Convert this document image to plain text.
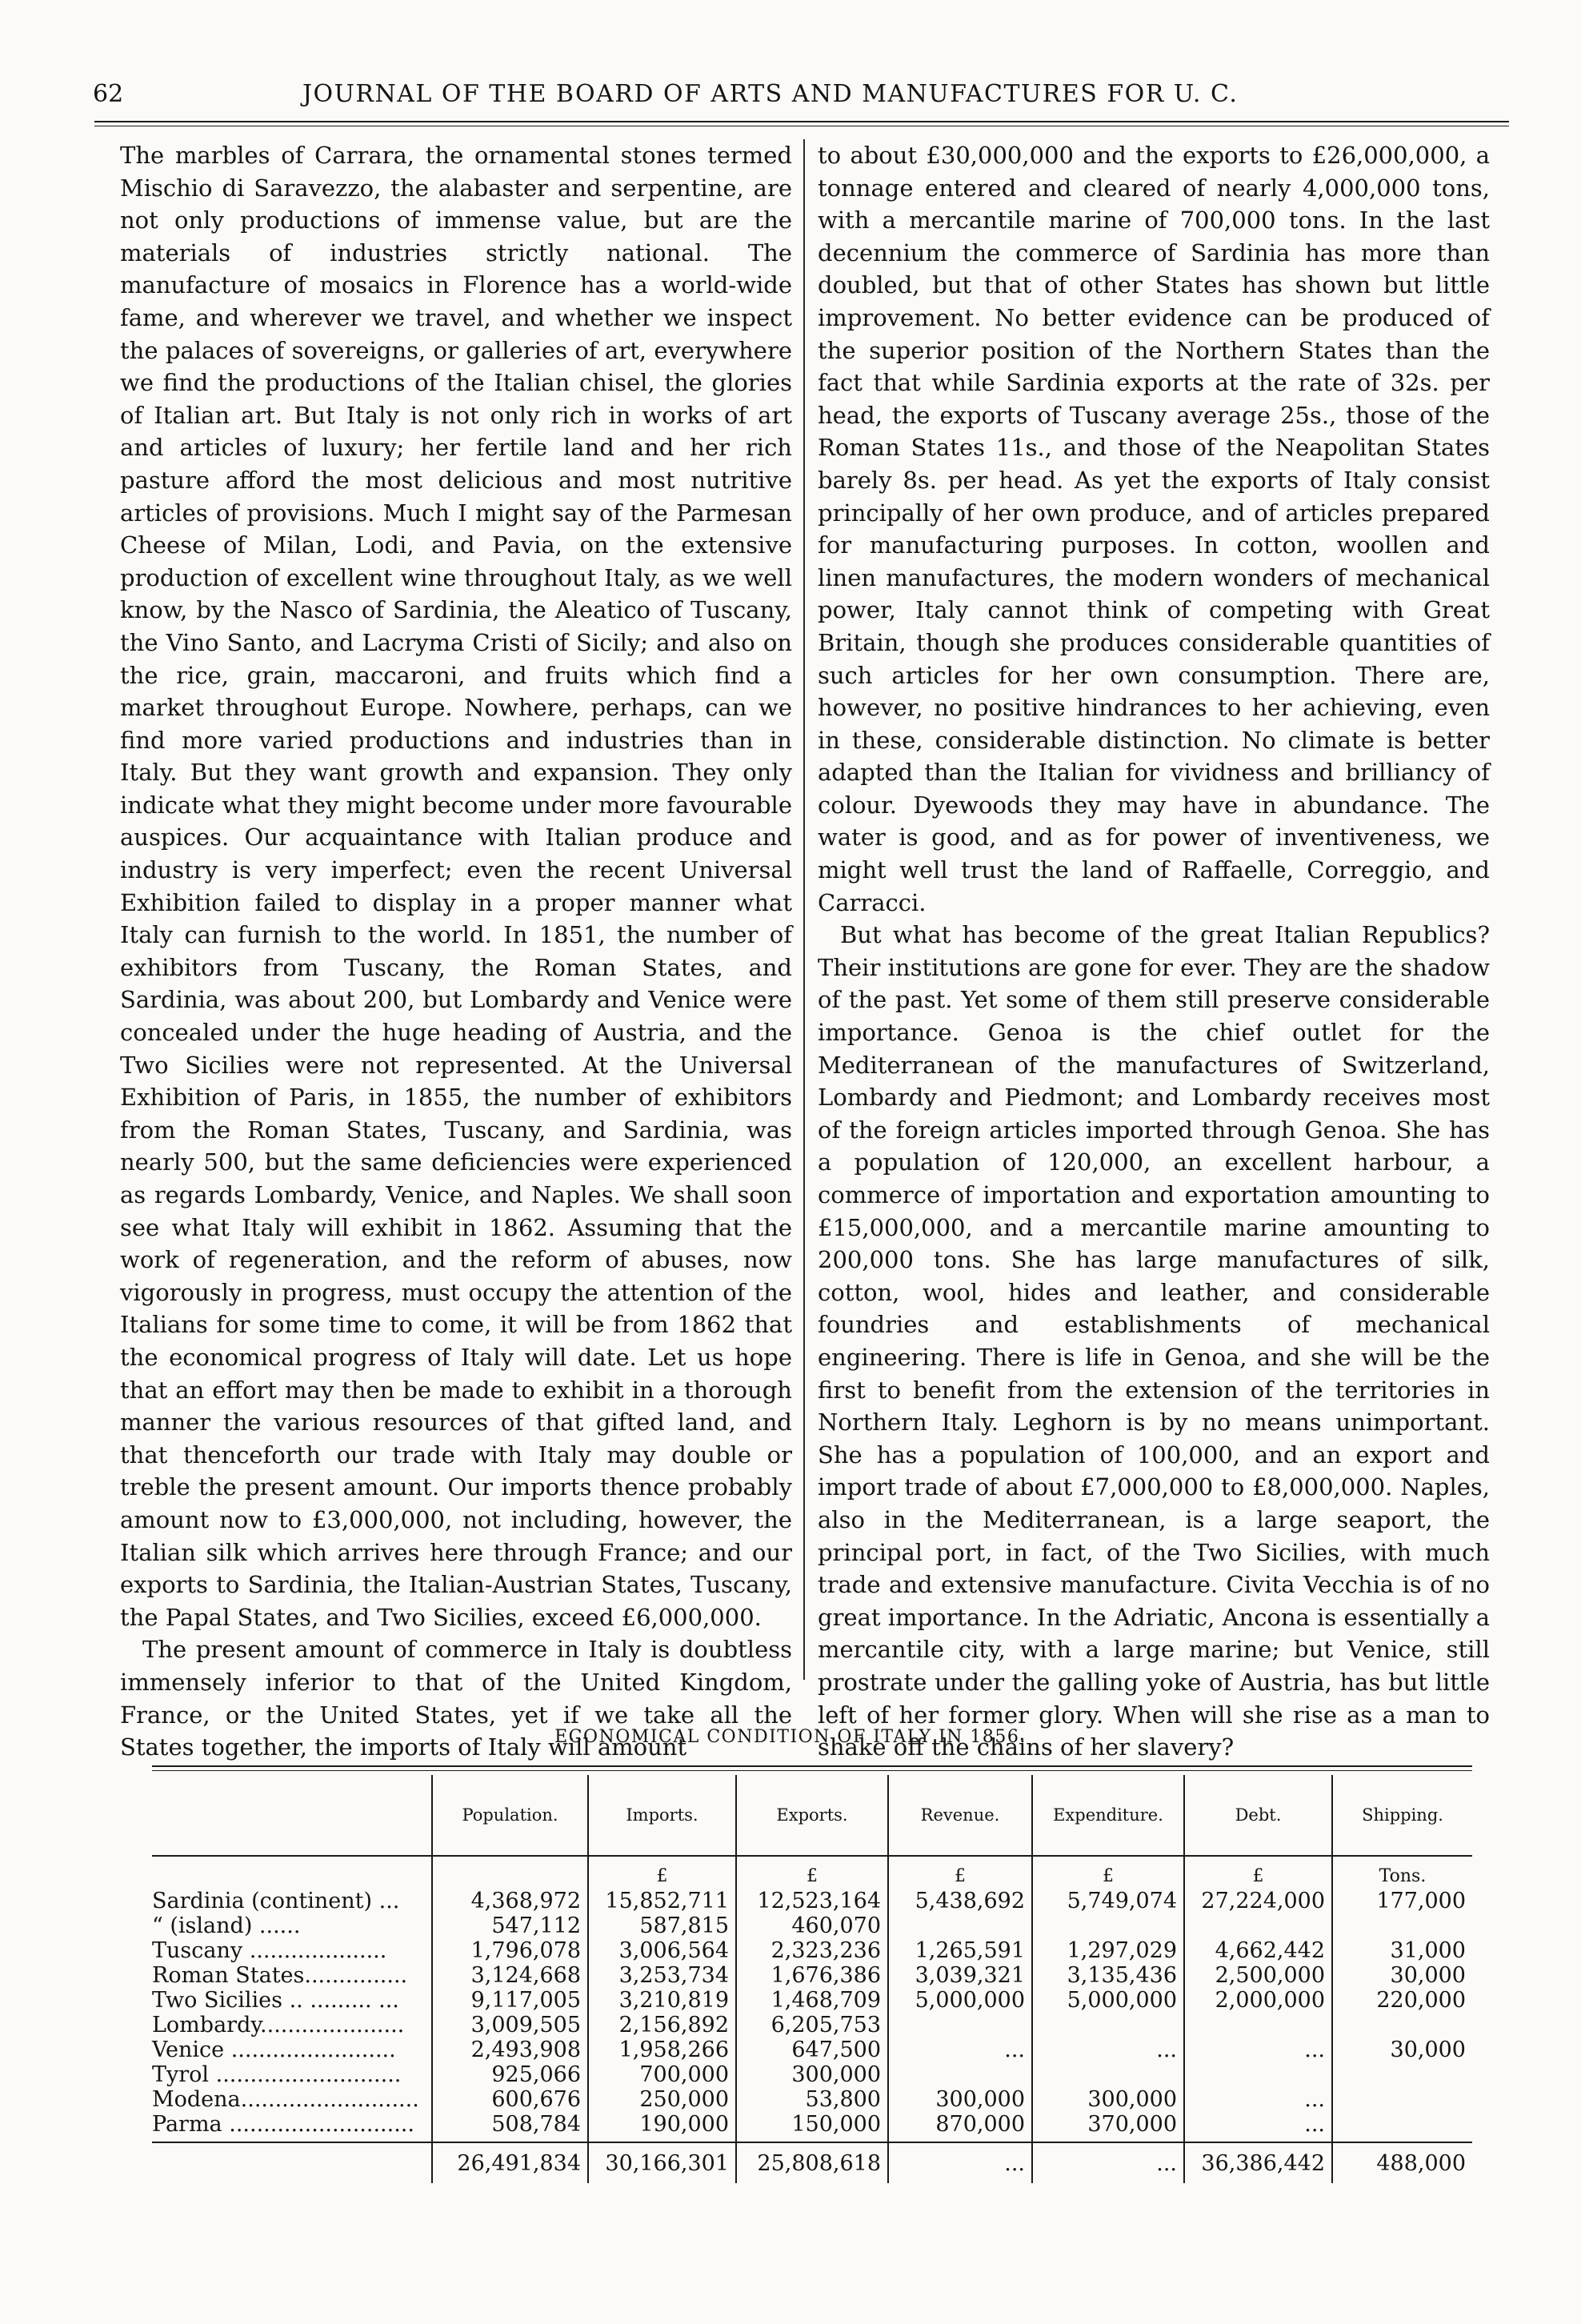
62	JOURNAL OF THE BOARD OF ARTS AND MANUFACTURES FOR U. C.

The marbles of Carrara, the ornamental stones termed Mischio di Saravezzo, the alabaster and serpentine, are not only productions of immense value, but are the materials of industries strictly national. The manufacture of mosaics in Florence has a world-wide fame, and wherever we travel, and whether we inspect the palaces of sovereigns, or galleries of art, everywhere we find the productions of the Italian chisel, the glories of Italian art. But Italy is not only rich in works of art and articles of luxury; her fertile land and her rich pasture afford the most delicious and most nutritive articles of provisions. Much I might say of the Parmesan Cheese of Milan, Lodi, and Pavia, on the extensive production of excellent wine throughout Italy, as we well know, by the Nasco of Sardinia, the Aleatico of Tuscany, the Vino Santo, and Lacryma Cristi of Sicily; and also on the rice, grain, maccaroni, and fruits which find a market throughout Europe. Nowhere, perhaps, can we find more varied productions and industries than in Italy. But they want growth and expansion. They only indicate what they might become under more favourable auspices. Our acquaintance with Italian produce and industry is very imperfect; even the recent Universal Exhibition failed to display in a proper manner what Italy can furnish to the world. In 1851, the number of exhibitors from Tuscany, the Roman States, and Sardinia, was about 200, but Lombardy and Venice were concealed under the huge heading of Austria, and the Two Sicilies were not represented. At the Universal Exhibition of Paris, in 1855, the number of exhibitors from the Roman States, Tuscany, and Sardinia, was nearly 500, but the same deficiencies were experienced as regards Lombardy, Venice, and Naples. We shall soon see what Italy will exhibit in 1862. Assuming that the work of regeneration, and the reform of abuses, now vigorously in progress, must occupy the attention of the Italians for some time to come, it will be from 1862 that the economical progress of Italy will date. Let us hope that an effort may then be made to exhibit in a thorough manner the various resources of that gifted land, and that thenceforth our trade with Italy may double or treble the present amount. Our imports thence probably amount now to £3,000,000, not including, however, the Italian silk which arrives here through France; and our exports to Sardinia, the Italian-Austrian States, Tuscany, the Papal States, and Two Sicilies, exceed £6,000,000.

The present amount of commerce in Italy is doubtless immensely inferior to that of the United Kingdom, France, or the United States, yet if we take all the States together, the imports of Italy will amount

to about £30,000,000 and the exports to £26,000,000, a tonnage entered and cleared of nearly 4,000,000 tons, with a mercantile marine of 700,000 tons. In the last decennium the commerce of Sardinia has more than doubled, but that of other States has shown but little improvement. No better evidence can be produced of the superior position of the Northern States than the fact that while Sardinia exports at the rate of 32s. per head, the exports of Tuscany average 25s., those of the Roman States 11s., and those of the Neapolitan States barely 8s. per head. As yet the exports of Italy consist principally of her own produce, and of articles prepared for manufacturing purposes. In cotton, woollen and linen manufactures, the modern wonders of mechanical power, Italy cannot think of competing with Great Britain, though she produces considerable quantities of such articles for her own consumption. There are, however, no positive hindrances to her achieving, even in these, considerable distinction. No climate is better adapted than the Italian for vividness and brilliancy of colour. Dyewoods they may have in abundance. The water is good, and as for power of inventiveness, we might well trust the land of Raffaelle, Correggio, and Carracci.

But what has become of the great Italian Republics? Their institutions are gone for ever. They are the shadow of the past. Yet some of them still preserve considerable importance. Genoa is the chief outlet for the Mediterranean of the manufactures of Switzerland, Lombardy and Piedmont; and Lombardy receives most of the foreign articles imported through Genoa. She has a population of 120,000, an excellent harbour, a commerce of importation and exportation amounting to £15,000,000, and a mercantile marine amounting to 200,000 tons. She has large manufactures of silk, cotton, wool, hides and leather, and considerable foundries and establishments of mechanical engineering. There is life in Genoa, and she will be the first to benefit from the extension of the territories in Northern Italy. Leghorn is by no means unimportant. She has a population of 100,000, and an export and import trade of about £7,000,000 to £8,000,000. Naples, also in the Mediterranean, is a large seaport, the principal port, in fact, of the Two Sicilies, with much trade and extensive manufacture. Civita Vecchia is of no great importance. In the Adriatic, Ancona is essentially a mercantile city, with a large marine; but Venice, still prostrate under the galling yoke of Austria, has but little left of her former glory. When will she rise as a man to shake off the chains of her slavery?

ECONOMICAL CONDITION OF ITALY IN 1856.
	Population.	Imports.	Exports.	Revenue.	Expenditure.	Debt.	Shipping.
		£	£	£	£	£	Tons.
Sardinia (continent) ...	4,368,972	15,852,711	12,523,164	5,438,692	5,749,074	27,224,000	177,000
“ (island) ......	547,112	587,815	460,070				
Tuscany ....................	1,796,078	3,006,564	2,323,236	1,265,591	1,297,029	4,662,442	31,000
Roman States...............	3,124,668	3,253,734	1,676,386	3,039,321	3,135,436	2,500,000	30,000
Two Sicilies .. ......... ...	9,117,005	3,210,819	1,468,709	5,000,000	5,000,000	2,000,000	220,000
Lombardy.....................	3,009,505	2,156,892	6,205,753				
Venice ........................	2,493,908	1,958,266	647,500	...	...	...	30,000
Tyrol ...........................	925,066	700,000	300,000				
Modena..........................	600,676	250,000	53,800	300,000	300,000	...	
Parma ...........................	508,784	190,000	150,000	870,000	370,000	...	

	26,491,834	30,166,301	25,808,618	...	...	36,386,442	488,000
